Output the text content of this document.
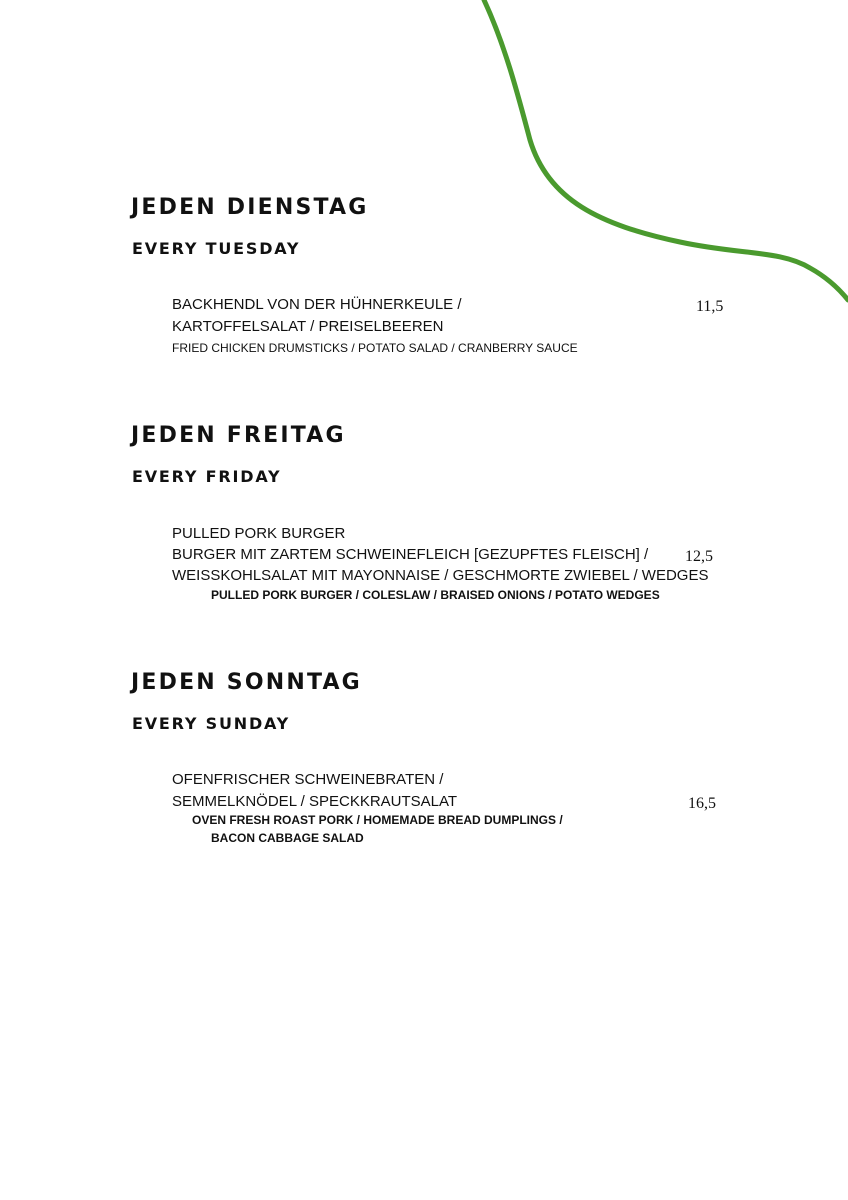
JEDEN DIENSTAG
EVERY TUESDAY
BACKHENDL VON DER HÜHNERKEULE /
KARTOFFELSALAT / PREISELBEEREN
FRIED CHICKEN DRUMSTICKS / POTATO SALAD / CRANBERRY SAUCE
11,5
JEDEN FREITAG
EVERY FRIDAY
PULLED PORK BURGER
BURGER MIT ZARTEM SCHWEINEFLEICH [GEZUPFTES FLEISCH] /
WEISSKOHLSALAT MIT MAYONNAISE / GESCHMORTE ZWIEBEL / WEDGES
PULLED PORK BURGER / COLESLAW / BRAISED ONIONS / POTATO WEDGES
12,5
JEDEN SONNTAG
EVERY SUNDAY
OFENFRISCHER SCHWEINEBRATEN /
SEMMELKNÖDEL / SPECKKRAUTSALAT
OVEN FRESH ROAST PORK / HOMEMADE BREAD DUMPLINGS /
BACON CABBAGE SALAD
16,5
